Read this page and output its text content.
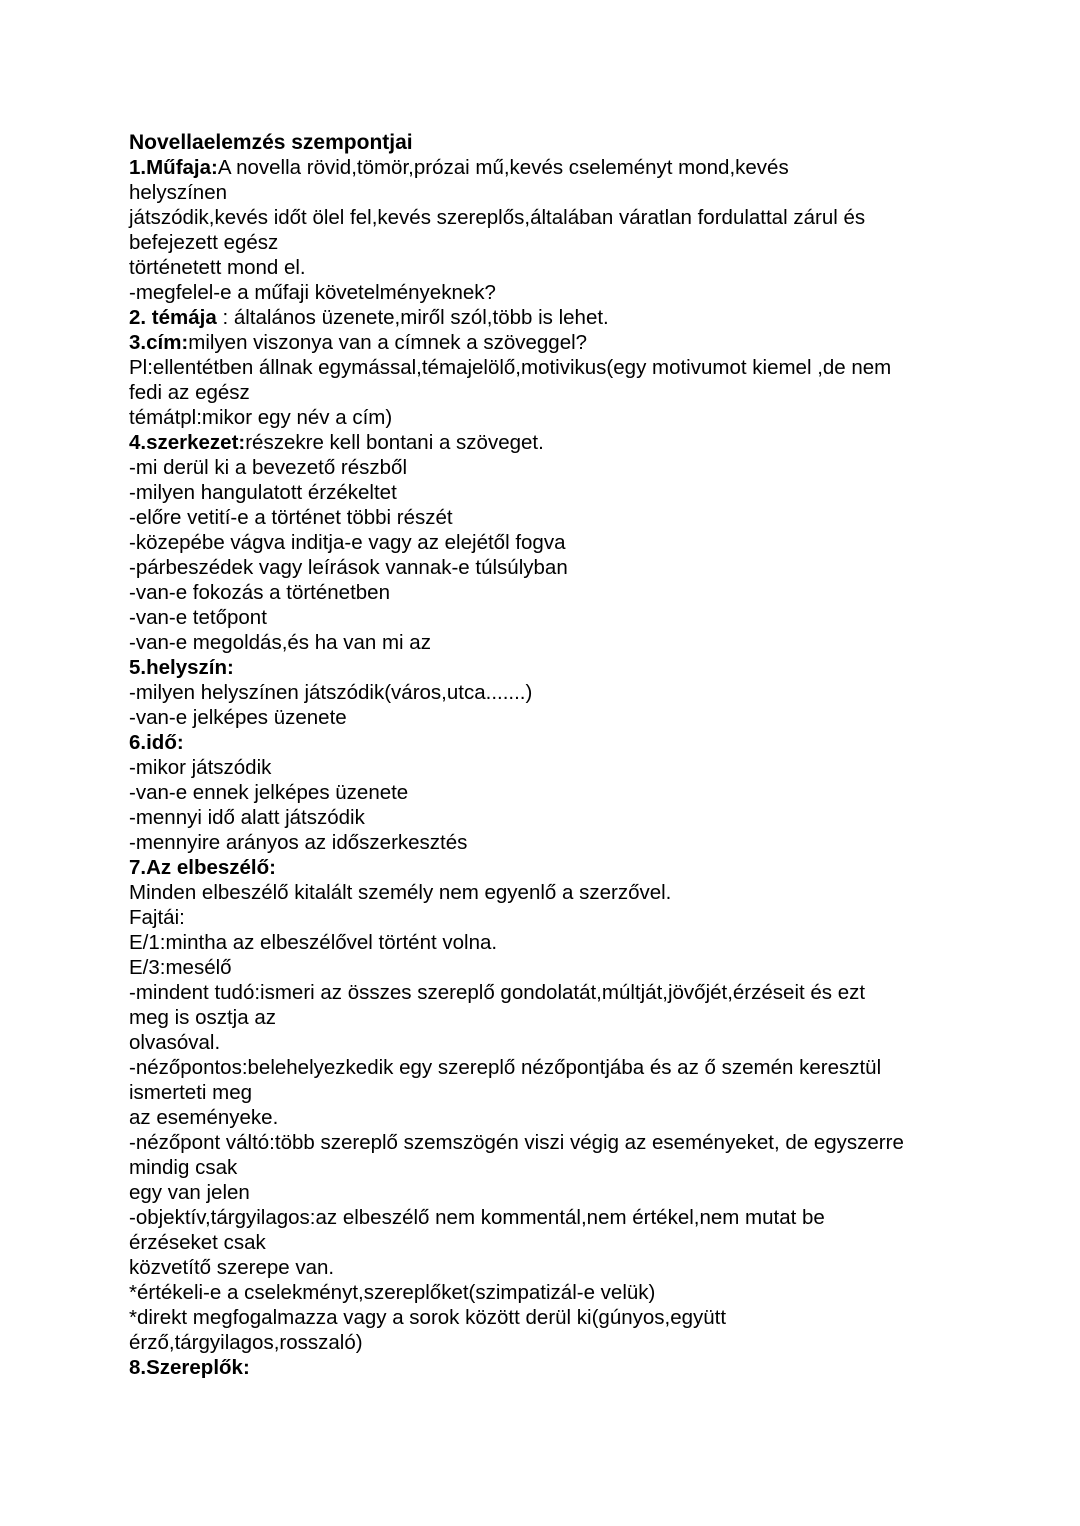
Novellaelemzés szempontjai
1.Műfaja:A novella rövid,tömör,prózai mű,kevés cseleményt mond,kevés
helyszínen
játszódik,kevés időt ölel fel,kevés szereplős,általában váratlan fordulattal zárul és
befejezett egész
történetett mond el.
-megfelel-e a műfaji követelményeknek?
2. témája : általános üzenete,miről szól,több is lehet.
3.cím:milyen viszonya van a címnek a szöveggel?
Pl:ellentétben állnak egymással,témajelölő,motivikus(egy motivumot kiemel ,de nem
fedi az egész
témátpl:mikor egy név a cím)
4.szerkezet:részekre kell bontani a szöveget.
-mi derül ki a bevezető részből
-milyen hangulatott érzékeltet
-előre vetití-e a történet többi részét
-közepébe vágva inditja-e vagy az elejétől fogva
-párbeszédek vagy leírások vannak-e túlsúlyban
-van-e fokozás a történetben
-van-e tetőpont
-van-e megoldás,és ha van mi az
5.helyszín:
-milyen helyszínen játszódik(város,utca.......)
-van-e jelképes üzenete
6.idő:
-mikor játszódik
-van-e ennek jelképes üzenete
-mennyi idő alatt játszódik
-mennyire arányos az időszerkesztés
7.Az elbeszélő:
Minden elbeszélő kitalált személy nem egyenlő a szerzővel.
Fajtái:
E/1:mintha az elbeszélővel történt volna.
E/3:mesélő
-mindent tudó:ismeri az összes szereplő gondolatát,múltját,jövőjét,érzéseit és ezt
meg is osztja az
olvasóval.
-nézőpontos:belehelyezkedik egy szereplő nézőpontjába és az ő szemén keresztül
ismerteti meg
az eseményeke.
-nézőpont váltó:több szereplő szemszögén viszi végig az eseményeket, de egyszerre
mindig csak
egy van jelen
-objektív,tárgyilagos:az elbeszélő nem kommentál,nem értékel,nem mutat be
érzéseket csak
közvetítő szerepe van.
*értékeli-e a cselekményt,szereplőket(szimpatizál-e velük)
*direkt megfogalmazza vagy a sorok között derül ki(gúnyos,együtt
érző,tárgyilagos,rosszaló)
8.Szereplők:
